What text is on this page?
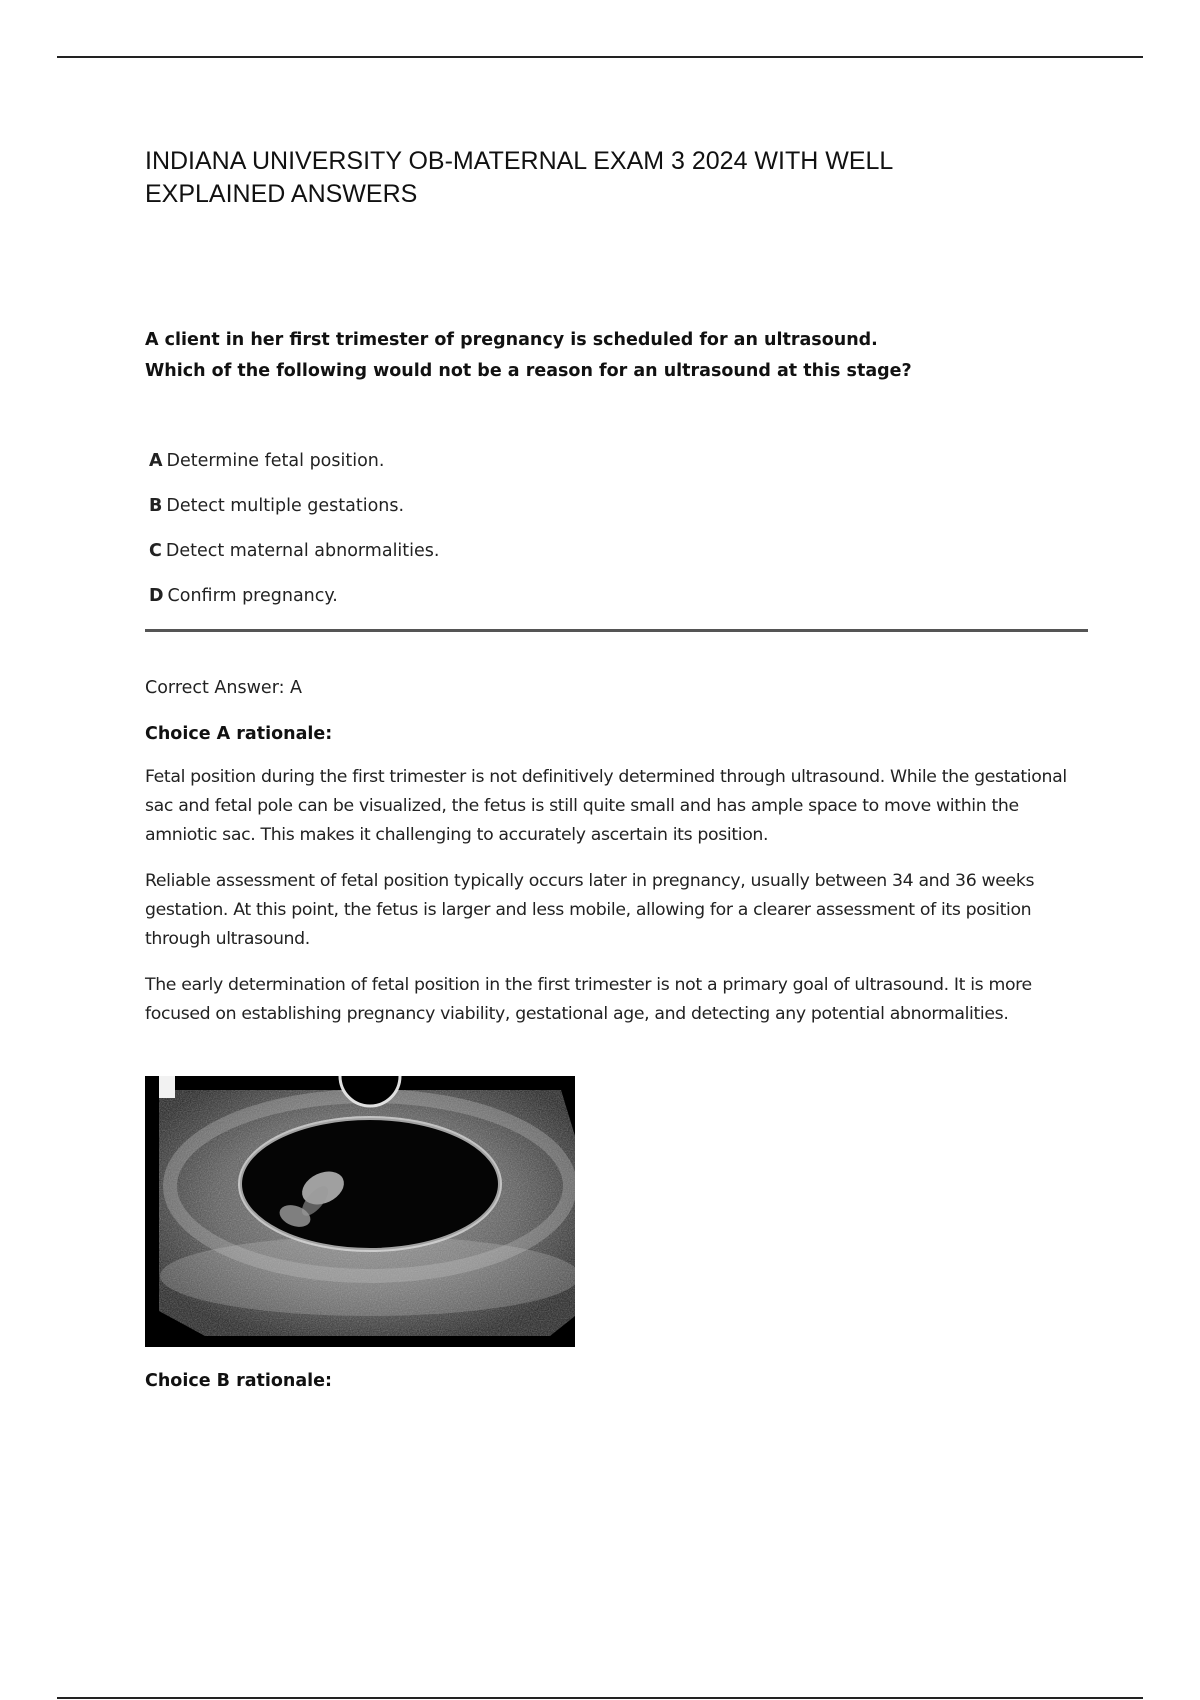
INDIANA UNIVERSITY OB-MATERNAL EXAM 3 2024 WITH WELL EXPLAINED ANSWERS
A client in her first trimester of pregnancy is scheduled for an ultrasound.
Which of the following would not be a reason for an ultrasound at this stage?
A Determine fetal position.
B Detect multiple gestations.
C Detect maternal abnormalities.
D Confirm pregnancy.
Correct Answer: A
Choice A rationale:
Fetal position during the first trimester is not definitively determined through ultrasound. While the gestational sac and fetal pole can be visualized, the fetus is still quite small and has ample space to move within the amniotic sac. This makes it challenging to accurately ascertain its position.
Reliable assessment of fetal position typically occurs later in pregnancy, usually between 34 and 36 weeks gestation. At this point, the fetus is larger and less mobile, allowing for a clearer assessment of its position through ultrasound.
The early determination of fetal position in the first trimester is not a primary goal of ultrasound. It is more focused on establishing pregnancy viability, gestational age, and detecting any potential abnormalities.
Choice B rationale:
